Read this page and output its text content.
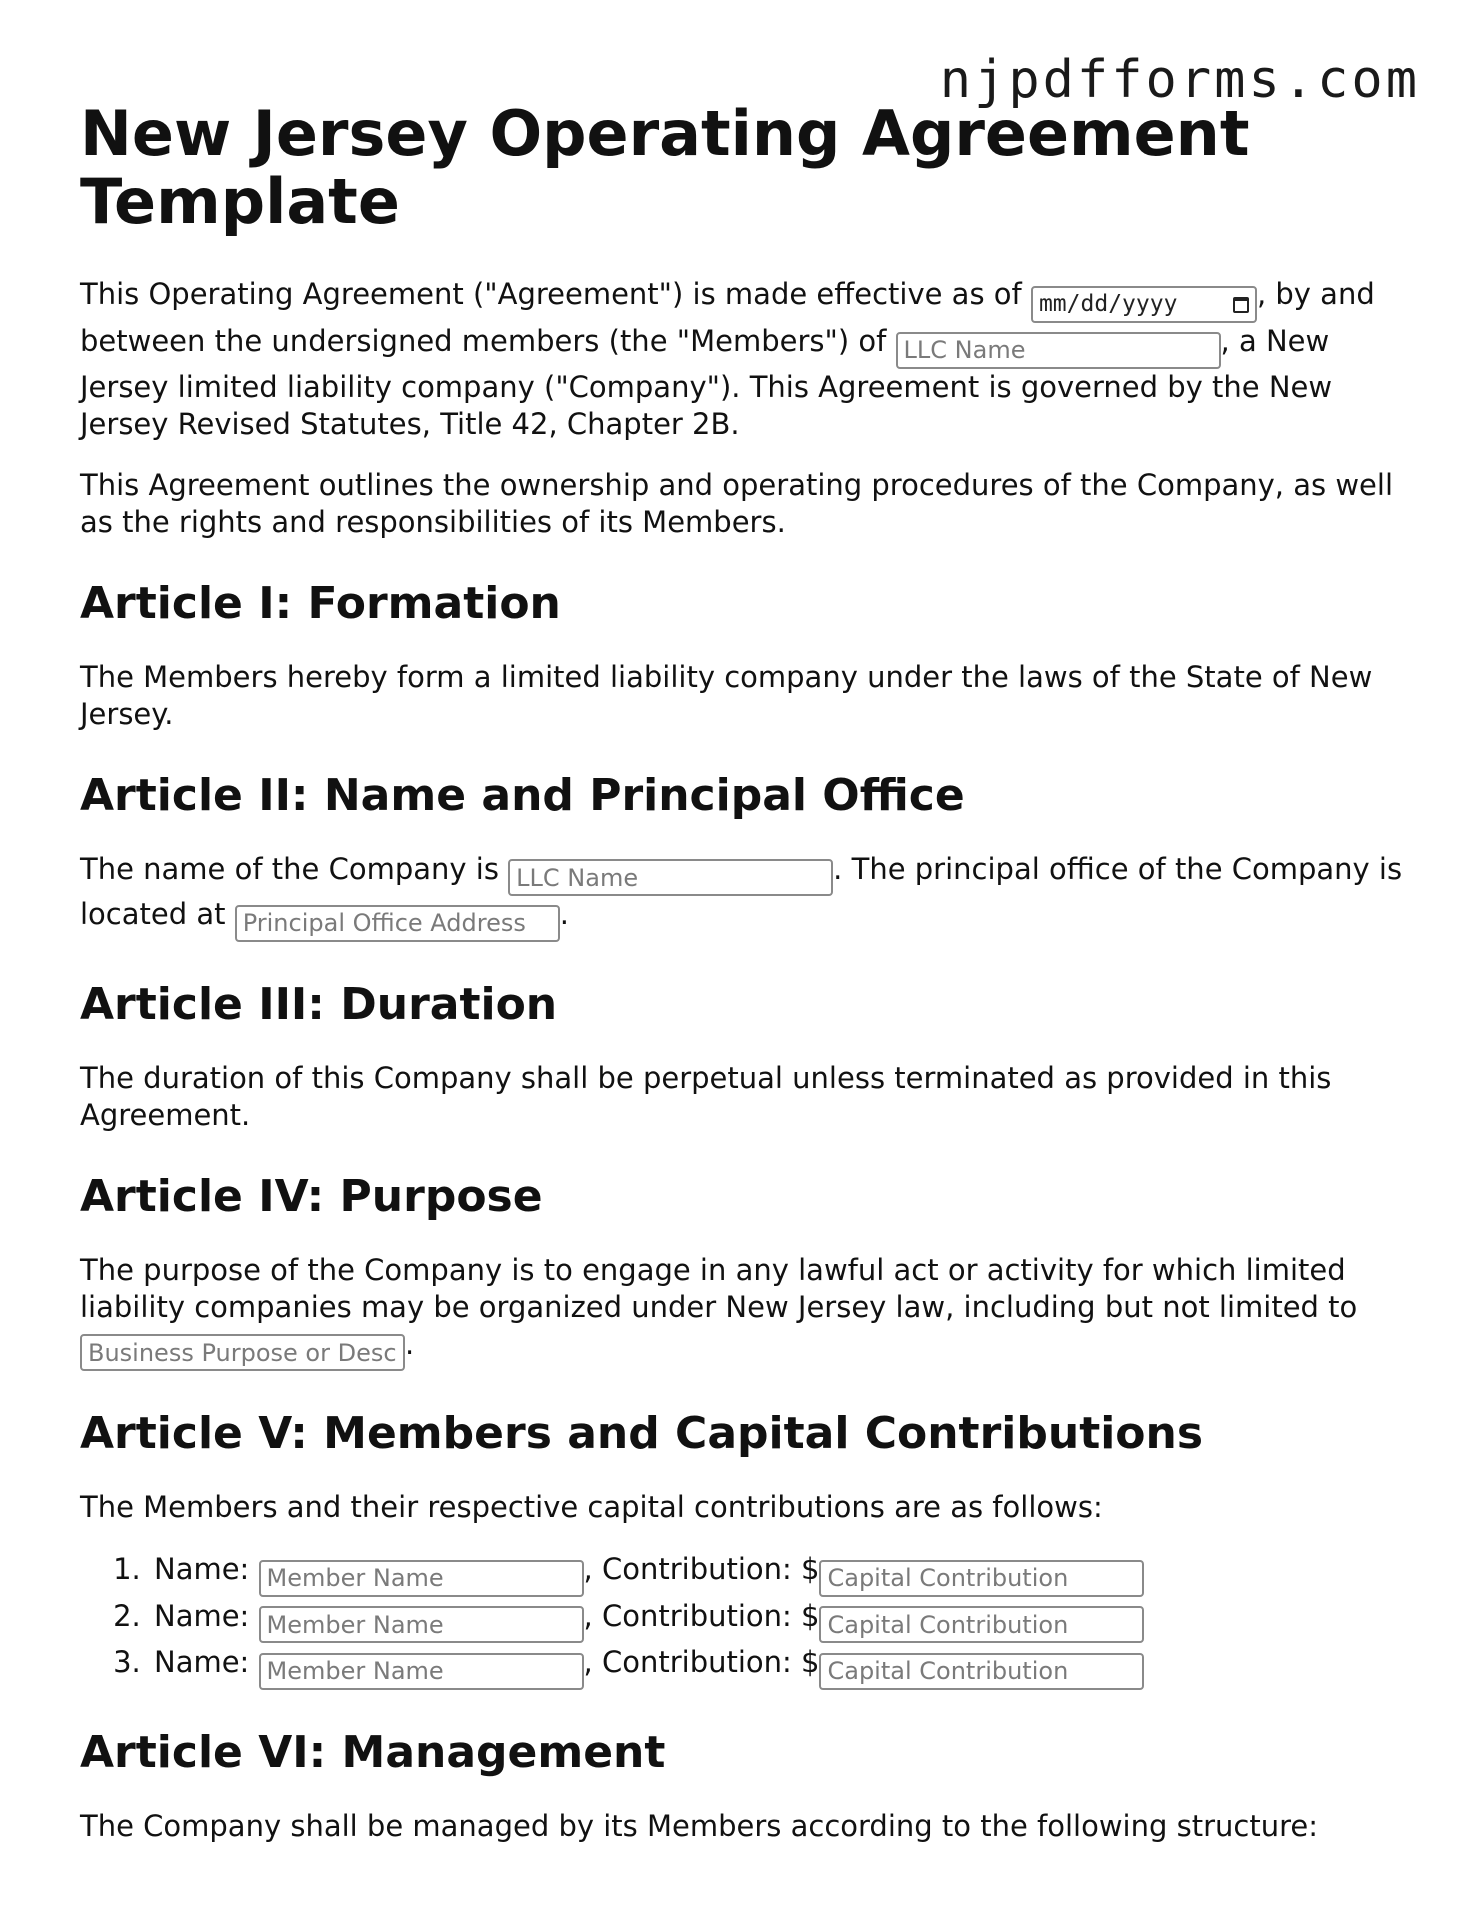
njpdfforms.com
New Jersey Operating Agreement Template

This Operating Agreement ("Agreement") is made effective as of mm/dd/yyyy	, by and between the undersigned members (the "Members") of LLC Name	, a New Jersey limited liability company ("Company"). This Agreement is governed by the New Jersey Revised Statutes, Title 42, Chapter 2B.

This Agreement outlines the ownership and operating procedures of the Company, as well as the rights and responsibilities of its Members.

Article I: Formation

The Members hereby form a limited liability company under the laws of the State of New Jersey.

Article II: Name and Principal Office

The name of the Company is LLC Name	. The principal office of the Company is located at Principal Office Address	.

Article III: Duration

The duration of this Company shall be perpetual unless terminated as provided in this Agreement.

Article IV: Purpose

The purpose of the Company is to engage in any lawful act or activity for which limited liability companies may be organized under New Jersey law, including but not limited to Business Purpose or Description.

Article V: Members and Capital Contributions

The Members and their respective capital contributions are as follows:

1. Name: Member Name	, Contribution: $Capital Contribution
2. Name: Member Name	, Contribution: $Capital Contribution
3. Name: Member Name	, Contribution: $Capital Contribution
Article VI: Management

The Company shall be managed by its Members according to the following structure:
